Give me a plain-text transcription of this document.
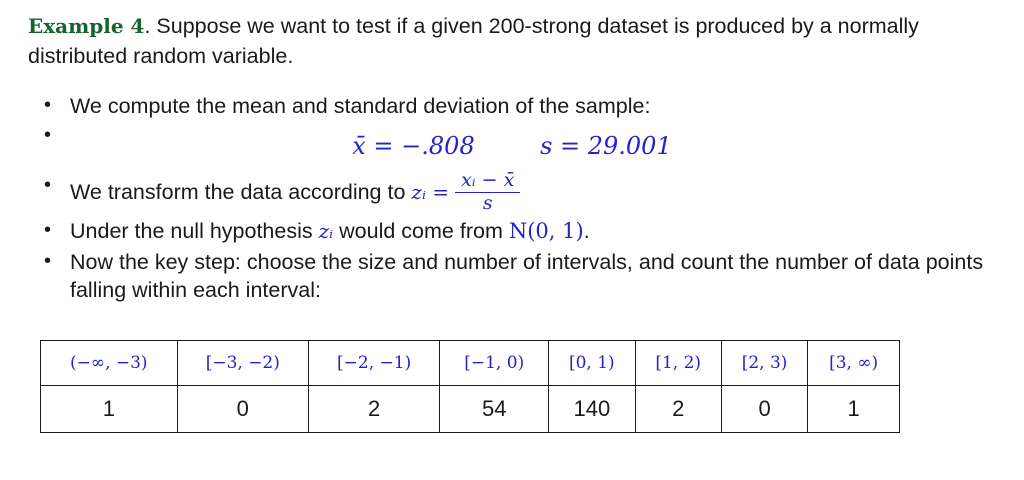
Example 4. Suppose we want to test if a given 200-strong dataset is produced by a normally distributed random variable.
• We compute the mean and standard deviation of the sample:
•
• We transform the data according to zᵢ = $\frac{\text{xᵢ − x̄}}{s}$
• Under the null hypothesis zᵢ would come from N(0, 1).
• Now the key step: choose the size and number of intervals, and count the number of data points falling within each interval:
x̄ = −.808	s = 29.001
(−∞, −3)	[−3, −2)	[−2, −1)	[−1, 0)	[0, 1)	[1, 2)	[2, 3)	[3, ∞)
1	0	2	54	140	2	0	1
